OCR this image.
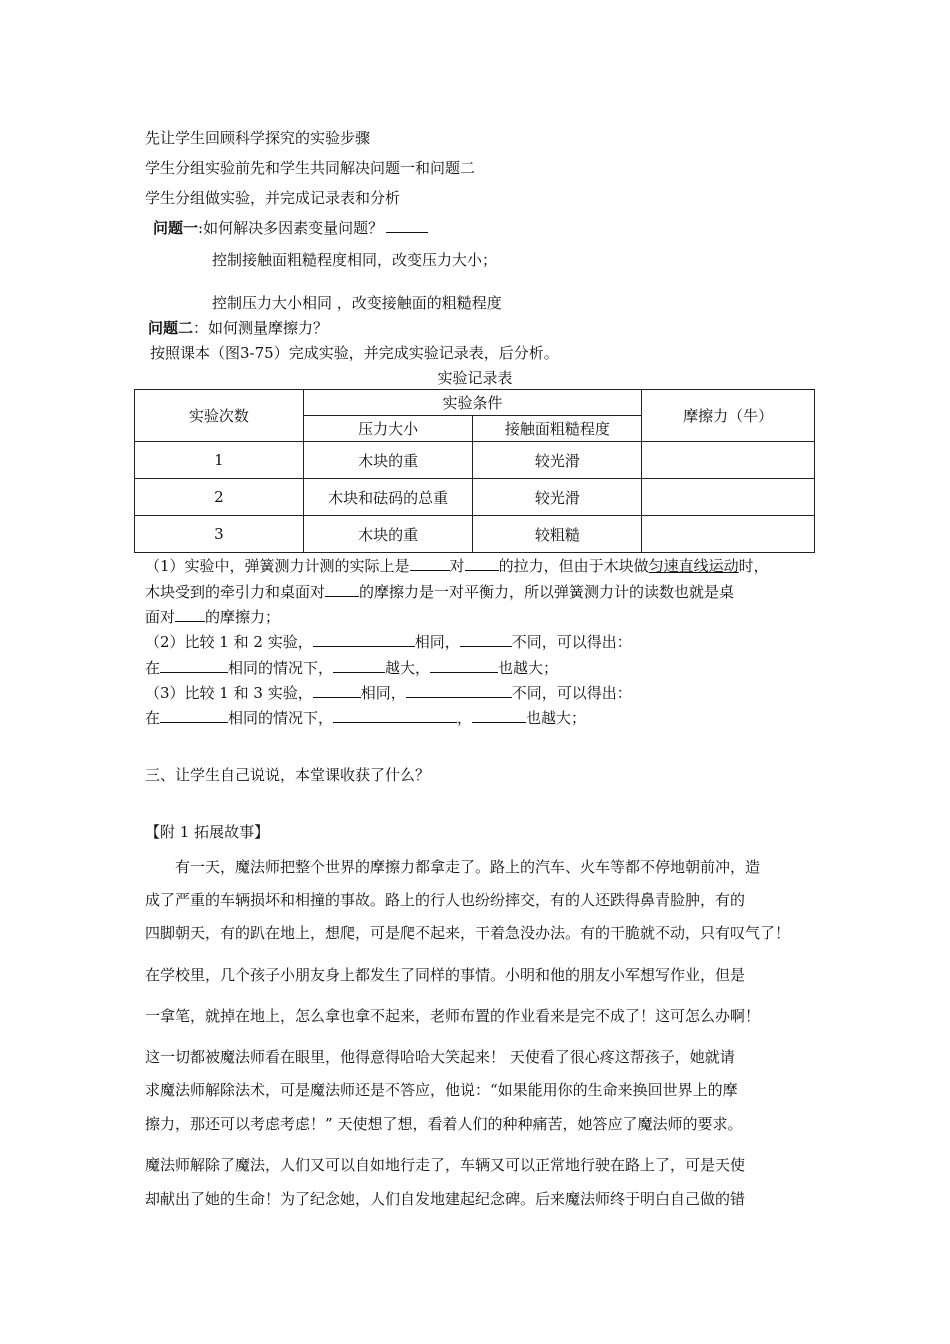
先让学生回顾科学探究的实验步骤
学生分组实验前先和学生共同解决问题一和问题二
学生分组做实验，并完成记录表和分析
问题一:如何解决多因素变量问题？
控制接触面粗糙程度相同，改变压力大小；
控制压力大小相同 ，改变接触面的粗糙程度
问题二：如何测量摩擦力？
按照课本（图3-75）完成实验，并完成实验记录表，后分析。
实验记录表
实验次数	实验条件		摩擦力（牛）
	压力大小	接触面粗糙程度	
1	木块的重	较光滑	
2	木块和砝码的总重	较光滑	
3	木块的重	较粗糙	
（1）实验中，弹簧测力计测的实际上是	对 的拉力，但由于木块做匀速直线运动时，
木块受到的牵引力和桌面对 的摩擦力是一对平衡力，所以弹簧测力计的读数也就是桌
面对 的摩擦力；
（2）比较 1 和 2 实验，	相同，	不同，可以得出：
在	相同的情况下，	越大，	也越大；
（3）比较 1 和 3 实验，	相同，	不同，可以得出：
在	相同的情况下，	，	也越大；
三、让学生自己说说，本堂课收获了什么？
【附 1 拓展故事】
有一天，魔法师把整个世界的摩擦力都拿走了。路上的汽车、火车等都不停地朝前冲，造
成了严重的车辆损坏和相撞的事故。路上的行人也纷纷摔交，有的人还跌得鼻青脸肿，有的
四脚朝天，有的趴在地上，想爬，可是爬不起来，干着急没办法。有的干脆就不动，只有叹气了！
在学校里，几个孩子小朋友身上都发生了同样的事情。小明和他的朋友小军想写作业，但是
一拿笔，就掉在地上，怎么拿也拿不起来，老师布置的作业看来是完不成了！这可怎么办啊！
这一切都被魔法师看在眼里，他得意得哈哈大笑起来！ 天使看了很心疼这帮孩子，她就请
求魔法师解除法术，可是魔法师还是不答应，他说：“如果能用你的生命来换回世界上的摩
擦力，那还可以考虑考虑！” 天使想了想，看着人们的种种痛苦，她答应了魔法师的要求。
魔法师解除了魔法，人们又可以自如地行走了，车辆又可以正常地行驶在路上了，可是天使
却献出了她的生命！为了纪念她，人们自发地建起纪念碑。后来魔法师终于明白自己做的错
